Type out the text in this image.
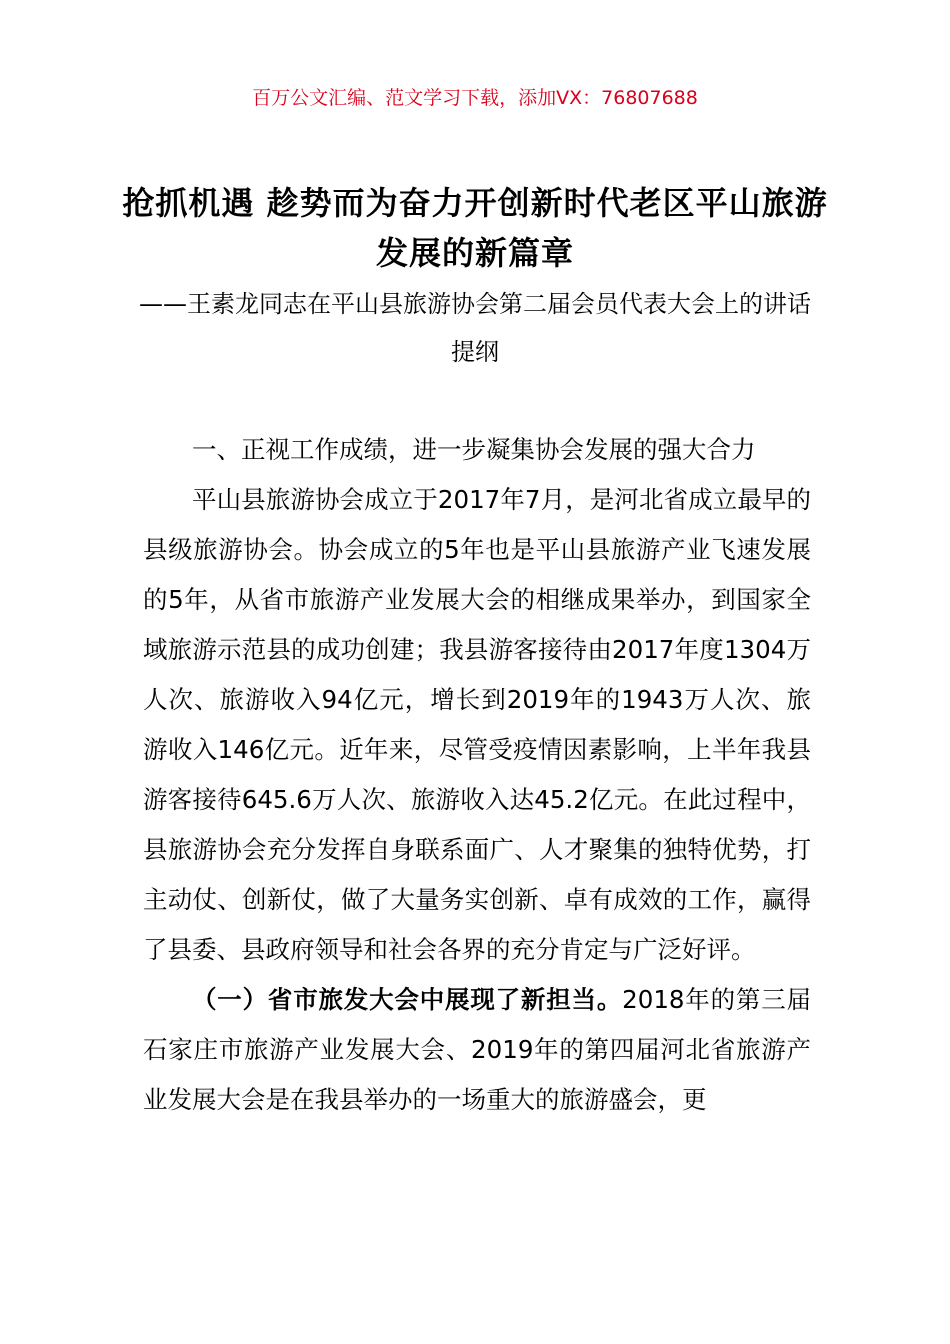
百万公文汇编、范文学习下载，添加VX：76807688
抢抓机遇 趁势而为奋力开创新时代老区平山旅游发展的新篇章
——王素龙同志在平山县旅游协会第二届会员代表大会上的讲话提纲

一、正视工作成绩，进一步凝集协会发展的强大合力

平山县旅游协会成立于2017年7月，是河北省成立最早的县级旅游协会。协会成立的5年也是平山县旅游产业飞速发展的5年，从省市旅游产业发展大会的相继成果举办，到国家全域旅游示范县的成功创建；我县游客接待由2017年度1304万人次、旅游收入94亿元，增长到2019年的1943万人次、旅游收入146亿元。近年来，尽管受疫情因素影响，上半年我县游客接待645.6万人次、旅游收入达45.2亿元。在此过程中，县旅游协会充分发挥自身联系面广、人才聚集的独特优势，打主动仗、创新仗，做了大量务实创新、卓有成效的工作，赢得了县委、县政府领导和社会各界的充分肯定与广泛好评。

（一）省市旅发大会中展现了新担当。2018年的第三届石家庄市旅游产业发展大会、2019年的第四届河北省旅游产业发展大会是在我县举办的一场重大的旅游盛会，更
